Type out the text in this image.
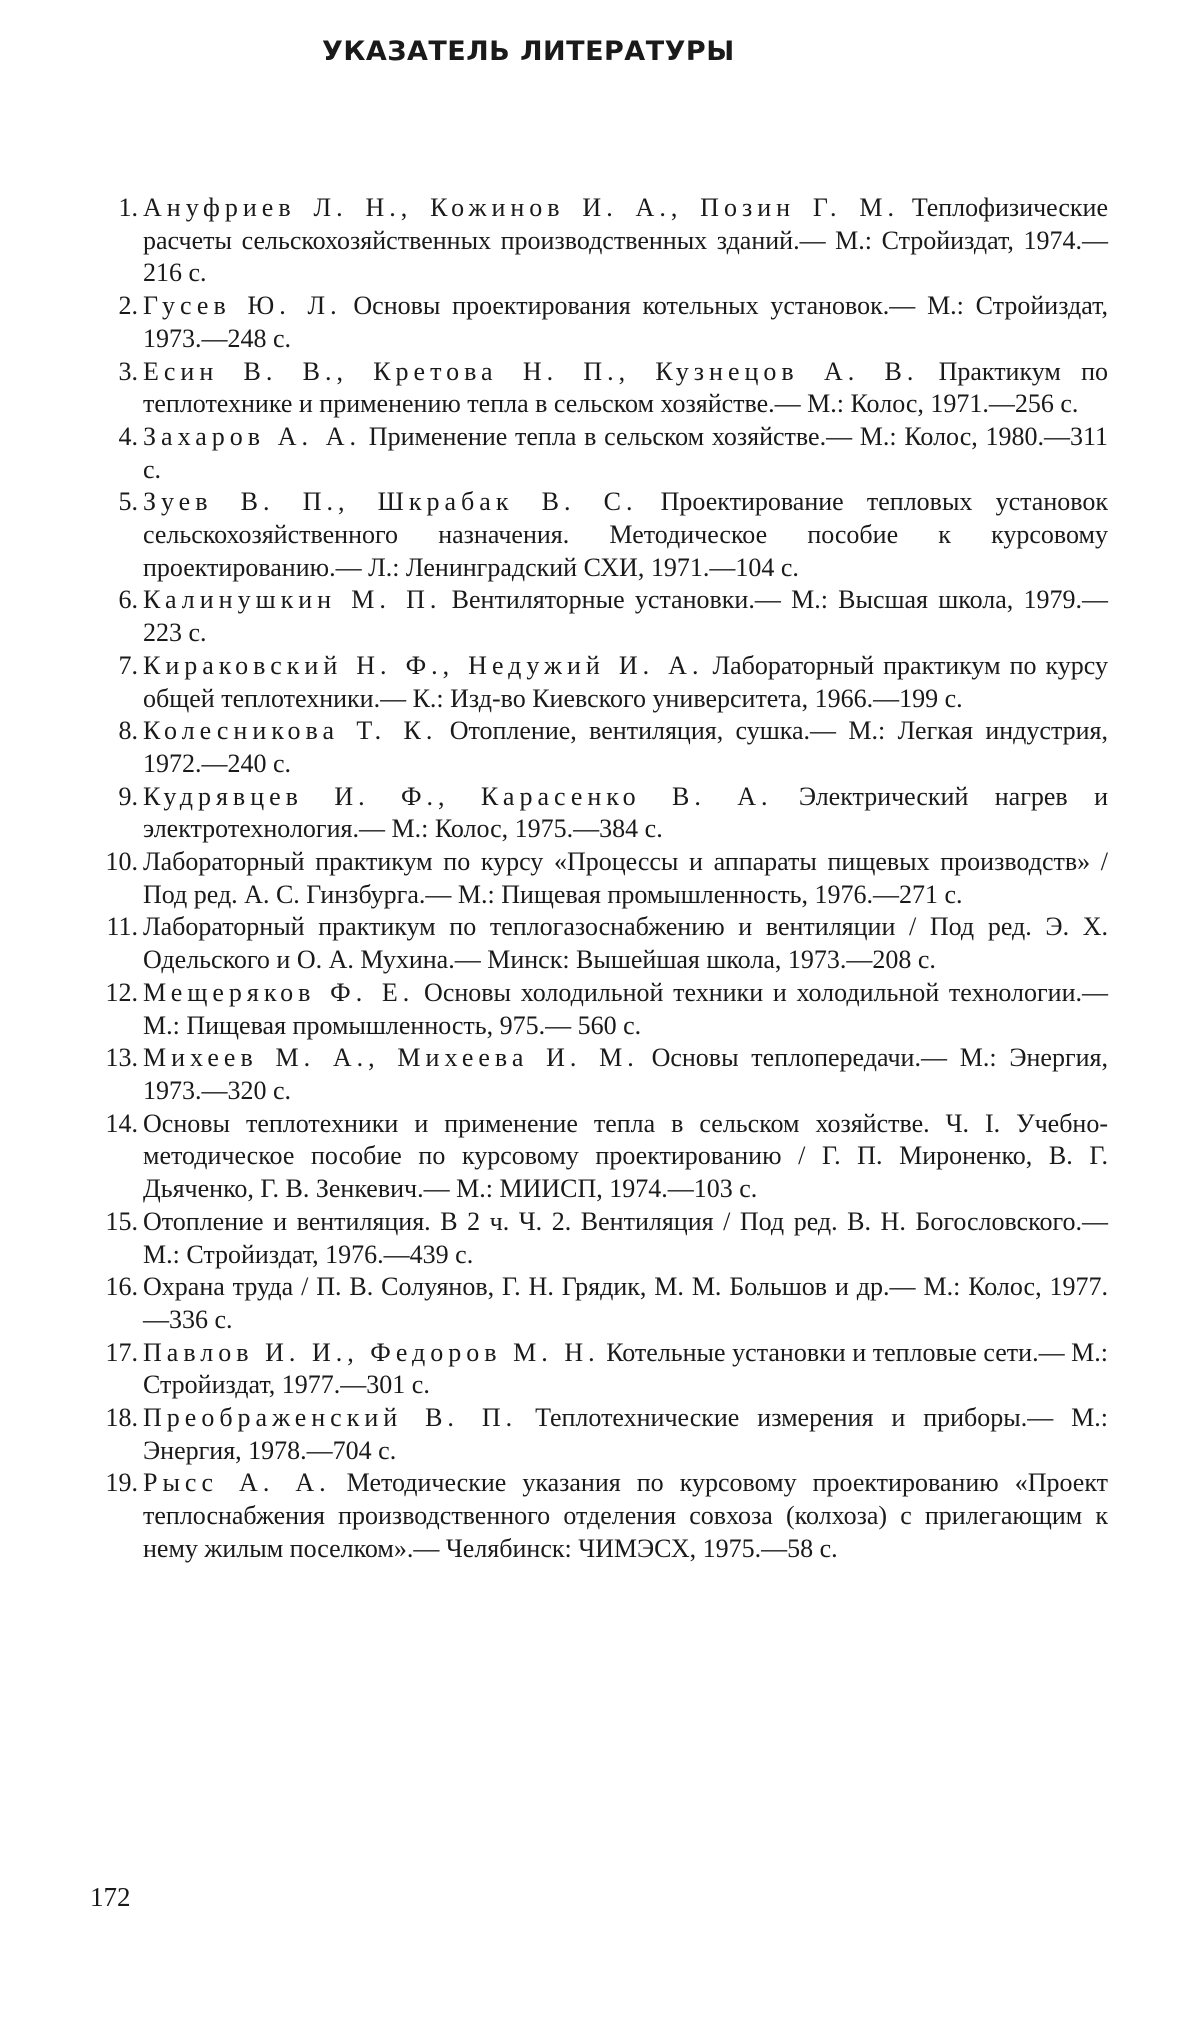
УКАЗАТЕЛЬ ЛИТЕРАТУРЫ
1. Ануфриев Л. Н., Кожинов И. А., Позин Г. М. Теплофизические расчеты сельскохозяйственных производственных зданий.— М.: Стройиздат, 1974.—216 с.
2. Гусев Ю. Л. Основы проектирования котельных установок.— М.: Стройиздат, 1973.—248 с.
3. Есин В. В., Кретова Н. П., Кузнецов А. В. Практикум по теплотехнике и применению тепла в сельском хозяйстве.— М.: Колос, 1971.—256 с.
4. Захаров А. А. Применение тепла в сельском хозяйстве.— М.: Колос, 1980.—311 с.
5. Зуев В. П., Шкрабак В. С. Проектирование тепловых установок сельскохозяйственного назначения. Методическое пособие к курсовому проектированию.— Л.: Ленинградский СХИ, 1971.—104 с.
6. Калинушкин М. П. Вентиляторные установки.— М.: Высшая школа, 1979.—223 с.
7. Кираковский Н. Ф., Недужий И. А. Лабораторный практикум по курсу общей теплотехники.— К.: Изд-во Киевского университета, 1966.—199 с.
8. Колесникова Т. К. Отопление, вентиляция, сушка.— М.: Легкая индустрия, 1972.—240 с.
9. Кудрявцев И. Ф., Карасенко В. А. Электрический нагрев и электротехнология.— М.: Колос, 1975.—384 с.
10. Лабораторный практикум по курсу «Процессы и аппараты пищевых производств» / Под ред. А. С. Гинзбурга.— М.: Пищевая промышленность, 1976.—271 с.
11. Лабораторный практикум по теплогазоснабжению и вентиляции / Под ред. Э. Х. Одельского и О. А. Мухина.— Минск: Вышейшая школа, 1973.—208 с.
12. Мещеряков Ф. Е. Основы холодильной техники и холодильной технологии.— М.: Пищевая промышленность, 975.— 560 с.
13. Михеев М. А., Михеева И. М. Основы теплопередачи.— М.: Энергия, 1973.—320 с.
14. Основы теплотехники и применение тепла в сельском хозяйстве. Ч. I. Учебно-методическое пособие по курсовому проектированию / Г. П. Мироненко, В. Г. Дьяченко, Г. В. Зенкевич.— М.: МИИСП, 1974.—103 с.
15. Отопление и вентиляция. В 2 ч. Ч. 2. Вентиляция / Под ред. В. Н. Богословского.— М.: Стройиздат, 1976.—439 с.
16. Охрана труда / П. В. Солуянов, Г. Н. Грядик, М. М. Большов и др.— М.: Колос, 1977.—336 с.
17. Павлов И. И., Федоров М. Н. Котельные установки и тепловые сети.— М.: Стройиздат, 1977.—301 с.
18. Преображенский В. П. Теплотехнические измерения и приборы.— М.: Энергия, 1978.—704 с.
19. Рысс А. А. Методические указания по курсовому проектированию «Проект теплоснабжения производственного отделения совхоза (колхоза) с прилегающим к нему жилым поселком».— Челябинск: ЧИМЭСХ, 1975.—58 с.
172
